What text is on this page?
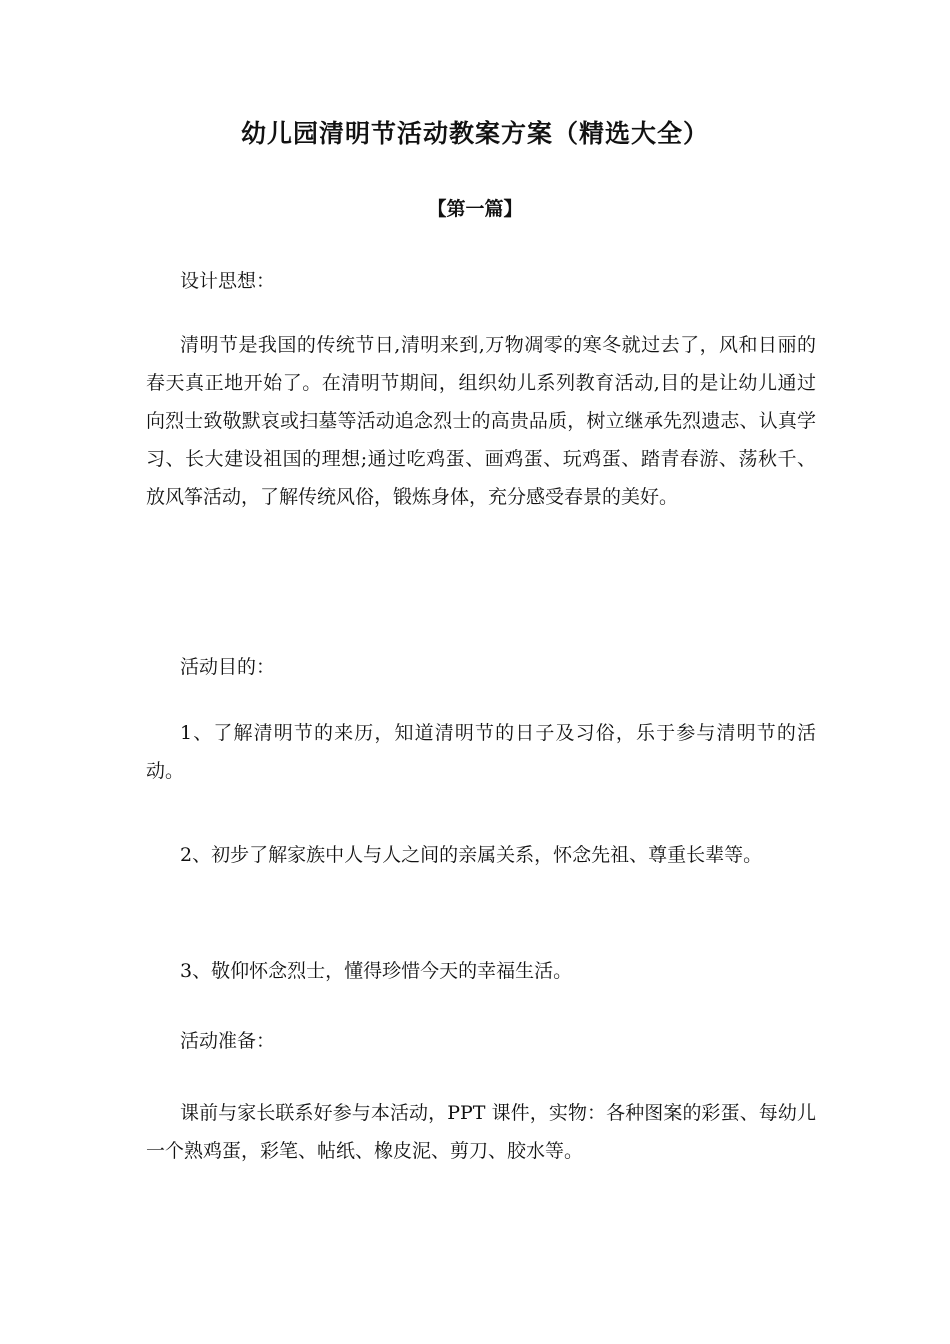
幼儿园清明节活动教案方案（精选大全）
【第一篇】

设计思想：

清明节是我国的传统节日,清明来到,万物凋零的寒冬就过去了，风和日丽的春天真正地开始了。在清明节期间，组织幼儿系列教育活动,目的是让幼儿通过向烈士致敬默哀或扫墓等活动追念烈士的高贵品质，树立继承先烈遗志、认真学习、长大建设祖国的理想;通过吃鸡蛋、画鸡蛋、玩鸡蛋、踏青春游、荡秋千、放风筝活动，了解传统风俗，锻炼身体，充分感受春景的美好。

活动目的：

1、了解清明节的来历，知道清明节的日子及习俗，乐于参与清明节的活动。

2、初步了解家族中人与人之间的亲属关系，怀念先祖、尊重长辈等。

3、敬仰怀念烈士，懂得珍惜今天的幸福生活。

活动准备：

课前与家长联系好参与本活动，PPT 课件，实物：各种图案的彩蛋、每幼儿一个熟鸡蛋，彩笔、帖纸、橡皮泥、剪刀、胶水等。
